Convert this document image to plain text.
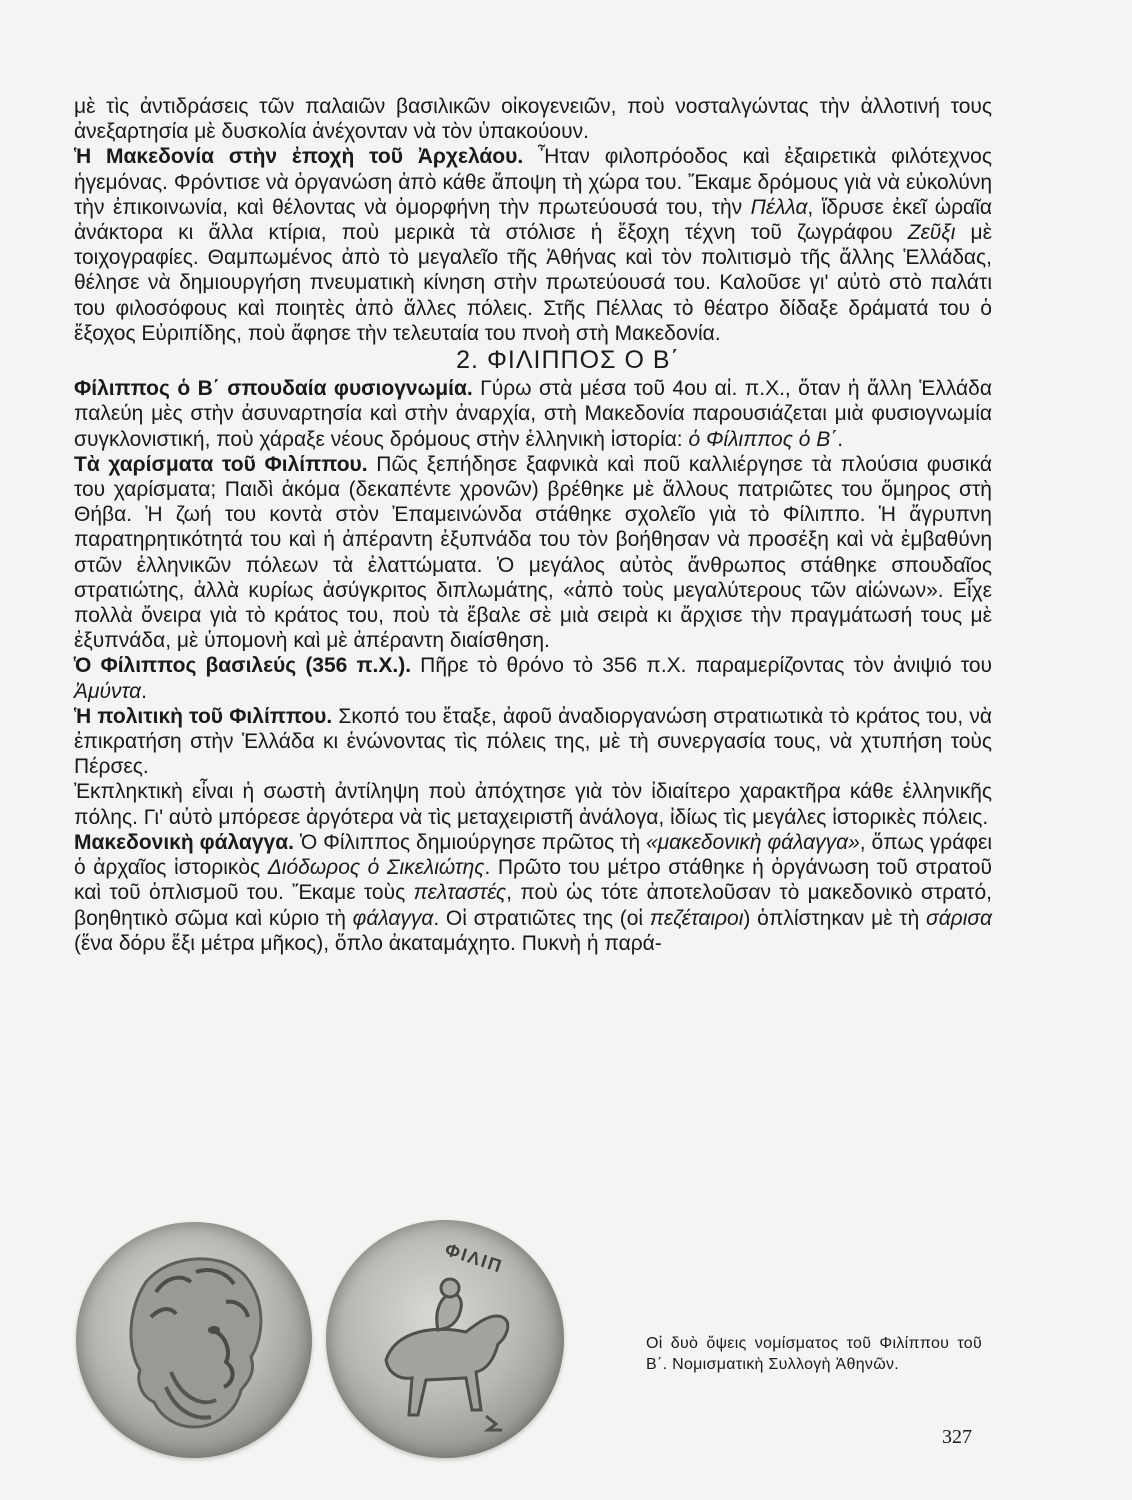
μὲ τὶς ἀντιδράσεις τῶν παλαιῶν βασιλικῶν οἰκογενειῶν, ποὺ νοσταλγώντας τὴν ἀλλοτινή τους ἀνεξαρτησία μὲ δυσκολία ἀνέχονταν νὰ τὸν ὑπακούουν.

Ἡ Μακεδονία στὴν ἐποχὴ τοῦ Ἀρχελάου. Ἦταν φιλοπρόοδος καὶ ἐξαιρετικὰ φιλότεχνος ἡγεμόνας. Φρόντισε νὰ ὀργανώση ἀπὸ κάθε ἄποψη τὴ χώρα του. Ἔκαμε δρόμους γιὰ νὰ εὐκολύνη τὴν ἐπικοινωνία, καὶ θέλοντας νὰ ὀμορφήνη τὴν πρωτεύουσά του, τὴν Πέλλα, ἵδρυσε ἐκεῖ ὡραῖα ἀνάκτορα κι ἄλλα κτίρια, ποὺ μερικὰ τὰ στόλισε ἡ ἔξοχη τέχνη τοῦ ζωγράφου Ζεῦξι μὲ τοιχογραφίες. Θαμπωμένος ἀπὸ τὸ μεγαλεῖο τῆς Ἀθήνας καὶ τὸν πολιτισμὸ τῆς ἄλλης Ἑλλάδας, θέλησε νὰ δημιουργήση πνευματικὴ κίνηση στὴν πρωτεύουσά του. Καλοῦσε γι' αὐτὸ στὸ παλάτι του φιλοσόφους καὶ ποιητὲς ἀπὸ ἄλλες πόλεις. Στῆς Πέλλας τὸ θέατρο δίδαξε δράματά του ὁ ἔξοχος Εὐριπίδης, ποὺ ἄφησε τὴν τελευταία του πνοὴ στὴ Μακεδονία.

2. ΦΙΛΙΠΠΟΣ Ο Β΄

Φίλιππος ὁ Β΄ σπουδαία φυσιογνωμία. Γύρω στὰ μέσα τοῦ 4ου αἰ. π.Χ., ὅταν ἡ ἄλλη Ἑλλάδα παλεύη μὲς στὴν ἀσυναρτησία καὶ στὴν ἀναρχία, στὴ Μακεδονία παρουσιάζεται μιὰ φυσιογνωμία συγκλονιστική, ποὺ χάραξε νέους δρόμους στὴν ἑλληνικὴ ἱστορία: ὁ Φίλιππος ὁ Β΄.

Τὰ χαρίσματα τοῦ Φιλίππου. Πῶς ξεπήδησε ξαφνικὰ καὶ ποῦ καλλιέργησε τὰ πλούσια φυσικά του χαρίσματα; Παιδὶ ἀκόμα (δεκαπέντε χρονῶν) βρέθηκε μὲ ἄλλους πατριῶτες του ὅμηρος στὴ Θήβα. Ἡ ζωή του κοντὰ στὸν Ἐπαμεινώνδα στάθηκε σχολεῖο γιὰ τὸ Φίλιππο. Ἡ ἄγρυπνη παρατηρητικότητά του καὶ ἡ ἀπέραντη ἐξυπνάδα του τὸν βοήθησαν νὰ προσέξη καὶ νὰ ἐμβαθύνη στῶν ἑλληνικῶν πόλεων τὰ ἐλαττώματα. Ὁ μεγάλος αὐτὸς ἄνθρωπος στάθηκε σπουδαῖος στρατιώτης, ἀλλὰ κυρίως ἀσύγκριτος διπλωμάτης, «ἀπὸ τοὺς μεγαλύτερους τῶν αἰώνων». Εἶχε πολλὰ ὄνειρα γιὰ τὸ κράτος του, ποὺ τὰ ἔβαλε σὲ μιὰ σειρὰ κι ἄρχισε τὴν πραγμάτωσή τους μὲ ἐξυπνάδα, μὲ ὑπομονὴ καὶ μὲ ἀπέραντη διαίσθηση.

Ὁ Φίλιππος βασιλεύς (356 π.Χ.). Πῆρε τὸ θρόνο τὸ 356 π.Χ. παραμερίζοντας τὸν ἀνιψιό του Ἀμύντα.

Ἡ πολιτικὴ τοῦ Φιλίππου. Σκοπό του ἔταξε, ἀφοῦ ἀναδιοργανώση στρατιωτικὰ τὸ κράτος του, νὰ ἐπικρατήση στὴν Ἑλλάδα κι ἑνώνοντας τὶς πόλεις της, μὲ τὴ συνεργασία τους, νὰ χτυπήση τοὺς Πέρσες.

Ἐκπληκτικὴ εἶναι ἡ σωστὴ ἀντίληψη ποὺ ἀπόχτησε γιὰ τὸν ἰδιαίτερο χαρακτῆρα κάθε ἑλληνικῆς πόλης. Γι' αὐτὸ μπόρεσε ἀργότερα νὰ τὶς μεταχειριστῆ ἀνάλογα, ἰδίως τὶς μεγάλες ἱστορικὲς πόλεις.

Μακεδονικὴ φάλαγγα. Ὁ Φίλιππος δημιούργησε πρῶτος τὴ «μακεδονικὴ φάλαγγα», ὅπως γράφει ὁ ἀρχαῖος ἱστορικὸς Διόδωρος ὁ Σικελιώτης. Πρῶτο του μέτρο στάθηκε ἡ ὀργάνωση τοῦ στρατοῦ καὶ τοῦ ὁπλισμοῦ του. Ἔκαμε τοὺς πελταστές, ποὺ ὡς τότε ἀποτελοῦσαν τὸ μακεδονικὸ στρατό, βοηθητικὸ σῶμα καὶ κύριο τὴ φάλαγγα. Οἱ στρατιῶτες της (οἱ πεζέταιροι) ὁπλίστηκαν μὲ τὴ σάρισα (ἕνα δόρυ ἕξι μέτρα μῆκος), ὅπλο ἀκαταμάχητο. Πυκνὴ ἡ παρά-

ΦΙΛΙΠ
Οἱ δυὸ ὄψεις νομίσματος τοῦ Φιλίππου τοῦ Β΄. Νομισματικὴ Συλλογὴ Ἀθηνῶν.
327
